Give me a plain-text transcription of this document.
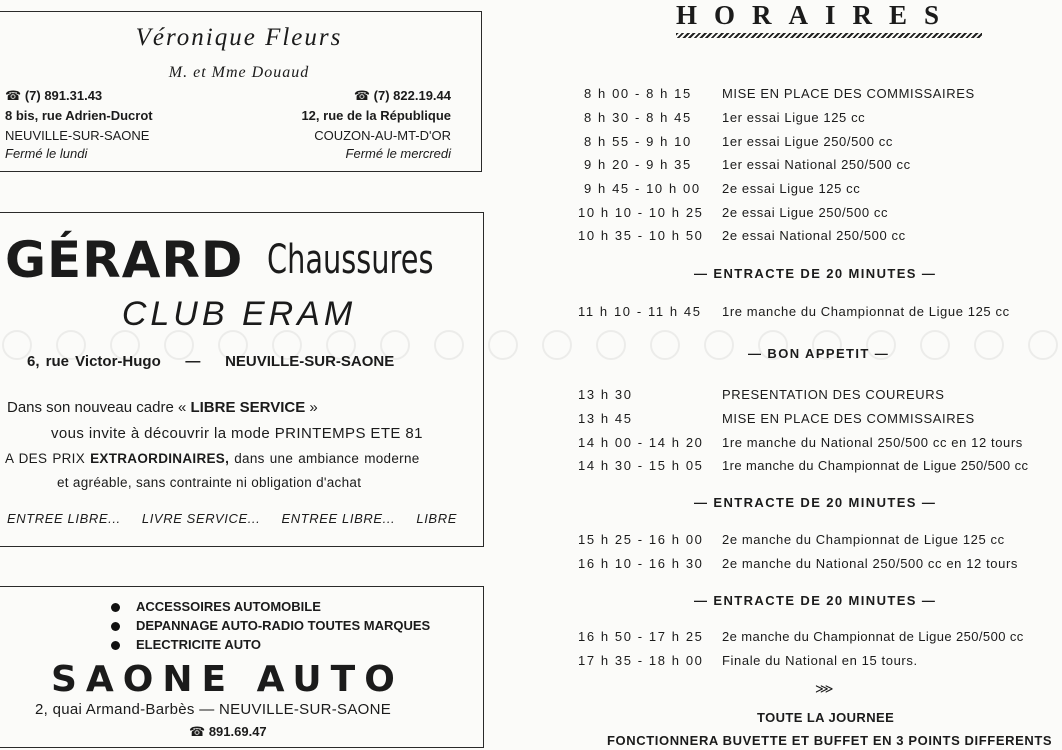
Véronique Fleurs
M. et Mme Douaud
☎ (7) 891.31.43
8 bis, rue Adrien-Ducrot
NEUVILLE-SUR-SAONE
Fermé le lundi
☎ (7) 822.19.44
12, rue de la République
COUZON-AU-MT-D'OR
Fermé le mercredi
GÉRARD Chaussures
CLUB ERAM
6, rue Victor-Hugo — NEUVILLE-SUR-SAONE
Dans son nouveau cadre « LIBRE SERVICE »
vous invite à découvrir la mode PRINTEMPS ETE 81
A DES PRIX EXTRAORDINAIRES, dans une ambiance moderne
et agréable, sans contrainte ni obligation d'achat
ENTREE LIBRE... LIVRE SERVICE... ENTREE LIBRE... LIBRE
ACCESSOIRES AUTOMOBILE
DEPANNAGE AUTO-RADIO TOUTES MARQUES
ELECTRICITE AUTO
SAONE AUTO
2, quai Armand-Barbès — NEUVILLE-SUR-SAONE
☎ 891.69.47
HORAIRES
8 h 00 - 8 h 15 MISE EN PLACE DES COMMISSAIRES
8 h 30 - 8 h 45 1er essai Ligue 125 cc
8 h 55 - 9 h 10 1er essai Ligue 250/500 cc
9 h 20 - 9 h 35 1er essai National 250/500 cc
9 h 45 - 10 h 00 2e essai Ligue 125 cc
10 h 10 - 10 h 25 2e essai Ligue 250/500 cc
10 h 35 - 10 h 50 2e essai National 250/500 cc
— ENTRACTE DE 20 MINUTES —
11 h 10 - 11 h 45 1re manche du Championnat de Ligue 125 cc
— BON APPETIT —
13 h 30	PRESENTATION DES COUREURS
13 h 45	MISE EN PLACE DES COMMISSAIRES
14 h 00 - 14 h 20 1re manche du National 250/500 cc en 12 tours
14 h 30 - 15 h 05 1re manche du Championnat de Ligue 250/500 cc
— ENTRACTE DE 20 MINUTES —
15 h 25 - 16 h 00 2e manche du Championnat de Ligue 125 cc
16 h 10 - 16 h 30 2e manche du National 250/500 cc en 12 tours
— ENTRACTE DE 20 MINUTES —
16 h 50 - 17 h 25 2e manche du Championnat de Ligue 250/500 cc
17 h 35 - 18 h 00 Finale du National en 15 tours.
⋙
TOUTE LA JOURNEE
FONCTIONNERA BUVETTE ET BUFFET EN 3 POINTS DIFFERENTS
